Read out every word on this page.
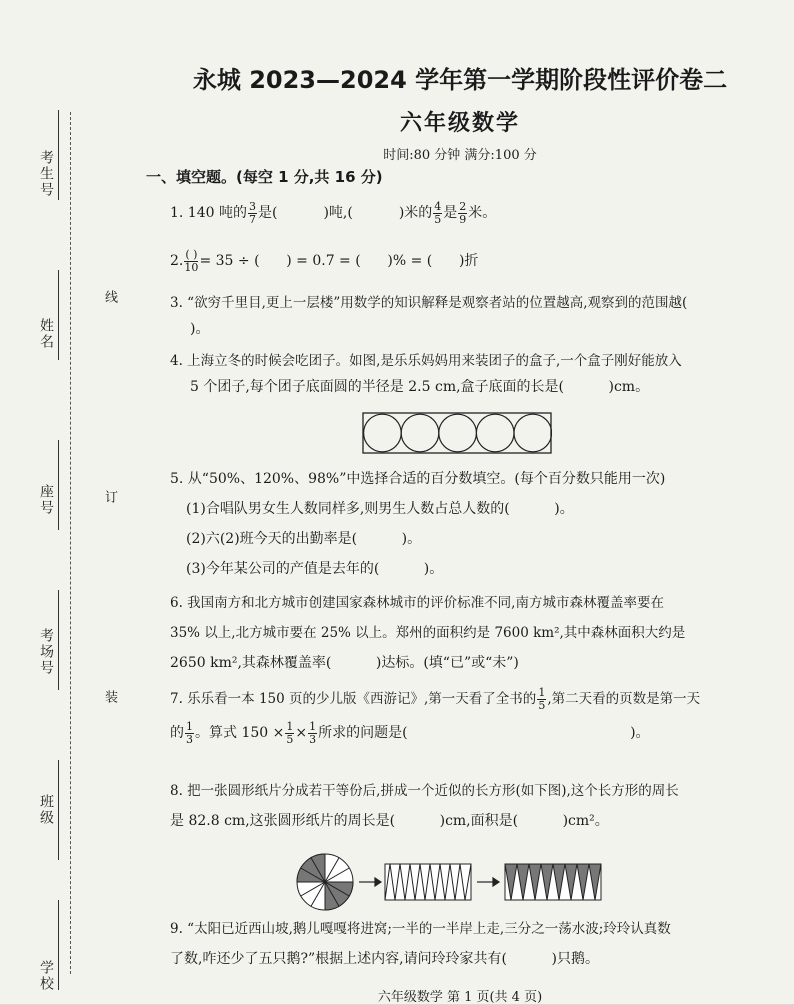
考生号
姓名
座号
考场号
班级
学校
线
订
装
永城 2023—2024 学年第一学期阶段性评价卷二
六年级数学
时间:80 分钟 满分:100 分
一、填空题。(每空 1 分,共 16 分)
1. 140 吨的 $\frac{3}{7}$ 是(	)吨,(	)米的 $\frac{4}{5}$ 是 $\frac{2}{9}$ 米。
2. $\frac{( )}{10} = 35$ ÷ (      ) = 0.7 = (      )% = (      )折
3. “欲穷千里目,更上一层楼”用数学的知识解释是观察者站的位置越高,观察到的范围越(
)。
4. 上海立冬的时候会吃团子。如图,是乐乐妈妈用来装团子的盒子,一个盒子刚好能放入
5 个团子,每个团子底面圆的半径是 2.5 cm,盒子底面的长是(          )cm。
5. 从“50%、120%、98%”中选择合适的百分数填空。(每个百分数只能用一次)
(1)合唱队男女生人数同样多,则男生人数占总人数的(          )。
(2)六(2)班今天的出勤率是(          )。
(3)今年某公司的产值是去年的(          )。
6. 我国南方和北方城市创建国家森林城市的评价标准不同,南方城市森林覆盖率要在
35% 以上,北方城市要在 25% 以上。郑州的面积约是 7600 km²,其中森林面积大约是
2650 km²,其森林覆盖率(          )达标。(填“已”或“未”)
7. 乐乐看一本 150 页的少儿版《西游记》,第一天看了全书的 $\frac{1}{5}$ ,第二天看的页数是第一天
的 $\frac{1}{3}$ 。算式 $150 \times \frac{1}{5} \times \frac{1}{3}$ 所求的问题是(                                                  )。
8. 把一张圆形纸片分成若干等份后,拼成一个近似的长方形(如下图),这个长方形的周长
是 82.8 cm,这张圆形纸片的周长是(          )cm,面积是(          )cm²。
9. “太阳已近西山坡,鹅儿嘎嘎将进窝;一半的一半岸上走,三分之一荡水波;玲玲认真数
了数,咋还少了五只鹅?”根据上述内容,请问玲玲家共有(          )只鹅。
六年级数学 第 1 页(共 4 页)
